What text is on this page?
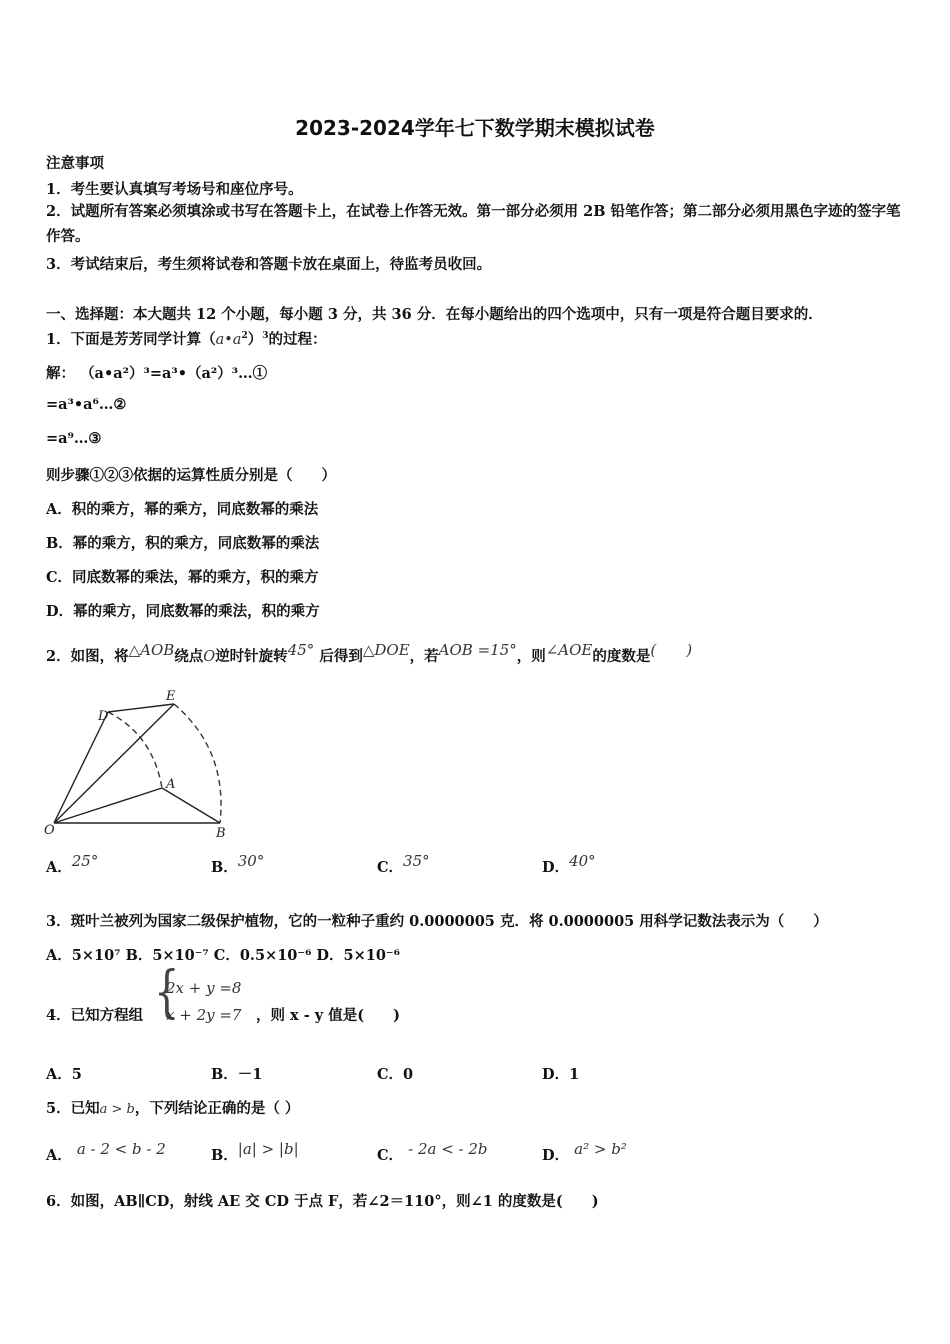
2023-2024学年七下数学期末模拟试卷
注意事项
1．考生要认真填写考场号和座位序号。
2．试题所有答案必须填涂或书写在答题卡上，在试卷上作答无效。第一部分必须用 2B 铅笔作答；第二部分必须用黑色字迹的签字笔作答。
3．考试结束后，考生须将试卷和答题卡放在桌面上，待监考员收回。
一、选择题：本大题共 12 个小题，每小题 3 分，共 36 分．在每小题给出的四个选项中，只有一项是符合题目要求的．
1．下面是芳芳同学计算$(a•a^2)^3$的过程：
解： （a•a²）³=a³•（a²）³…①
=a³•a⁶…②
=a⁹…③
则步骤①②③依据的运算性质分别是（　　）
A．积的乘方，幂的乘方，同底数幂的乘法
B．幂的乘方，积的乘方，同底数幂的乘法
C．同底数幂的乘法，幂的乘方，积的乘方
D．幂的乘方，同底数幂的乘法，积的乘方
2．如图，将△AOB绕点O逆时针旋转45° 后得到△DOE，若AOB =15°，则∠AOE的度数是(　　)
D
E
A
O	B
A．25°	B．30°	C．35°	D．40°
3．斑叶兰被列为国家二级保护植物，它的一粒种子重约 0.0000005 克．将 0.0000005 用科学记数法表示为（　　）
A．5×10⁷ B．5×10⁻⁷ C．0.5×10⁻⁶ D．5×10⁻⁶
4．已知方程组 {
2x + y =8
x + 2y =7 ，则 x - y 值是(　　)
A．5	B．－1	C．0	D．1
5．已知a > b，下列结论正确的是（ ）
A． a - 2 < b - 2	B．|a| > |b|	C． - 2a < - 2b	D． a² > b²
6．如图，AB∥CD，射线 AE 交 CD 于点 F，若∠2＝110°，则∠1 的度数是(　　)
